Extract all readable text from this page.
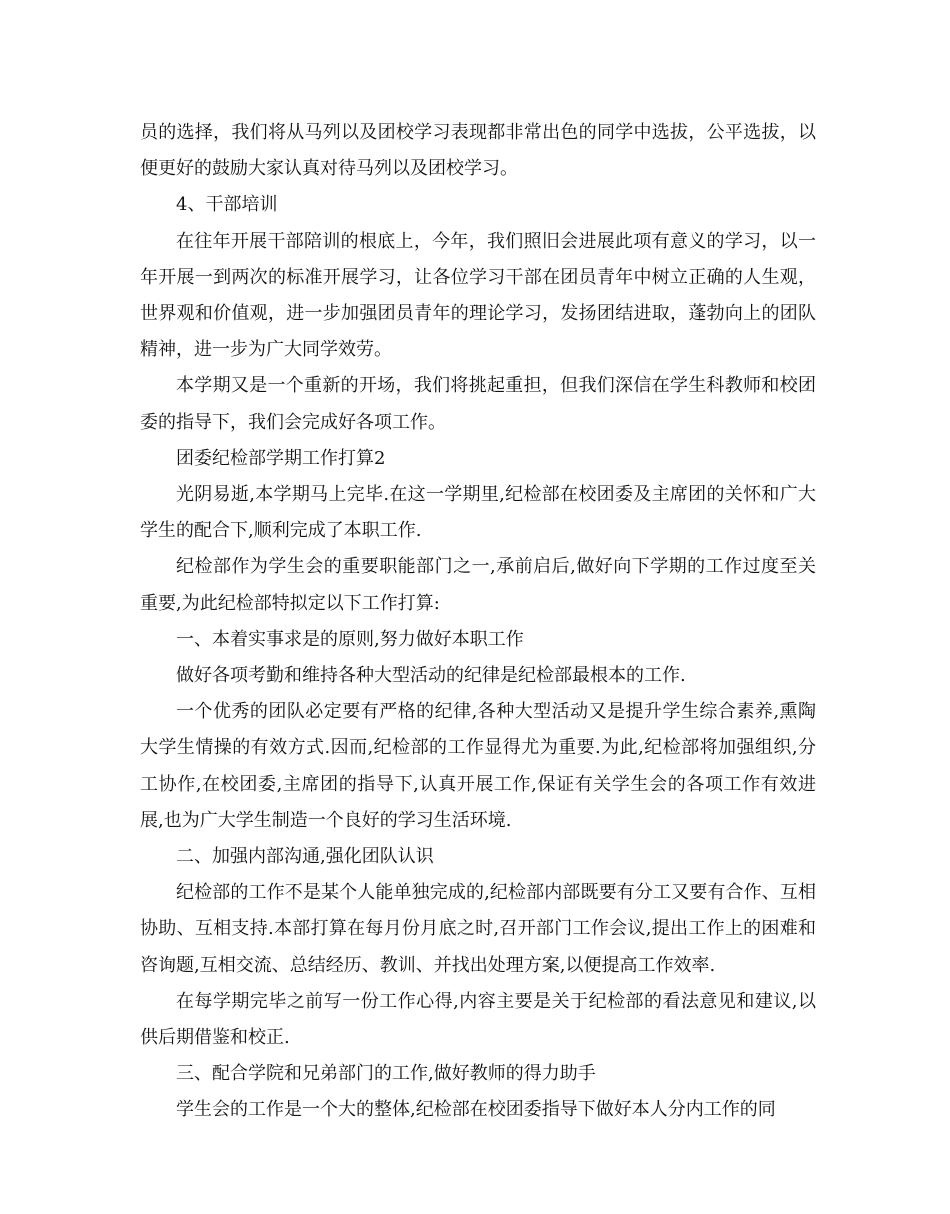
员的选择，我们将从马列以及团校学习表现都非常出色的同学中选拔，公平选拔，以便更好的鼓励大家认真对待马列以及团校学习。

4、干部培训

在往年开展干部陪训的根底上，今年，我们照旧会进展此项有意义的学习，以一年开展一到两次的标准开展学习，让各位学习干部在团员青年中树立正确的人生观，世界观和价值观，进一步加强团员青年的理论学习，发扬团结进取，蓬勃向上的团队精神，进一步为广大同学效劳。

本学期又是一个重新的开场，我们将挑起重担，但我们深信在学生科教师和校团委的指导下，我们会完成好各项工作。

团委纪检部学期工作打算2

光阴易逝,本学期马上完毕.在这一学期里,纪检部在校团委及主席团的关怀和广大学生的配合下,顺利完成了本职工作.

纪检部作为学生会的重要职能部门之一,承前启后,做好向下学期的工作过度至关重要,为此纪检部特拟定以下工作打算:

一、本着实事求是的原则,努力做好本职工作

做好各项考勤和维持各种大型活动的纪律是纪检部最根本的工作.

一个优秀的团队必定要有严格的纪律,各种大型活动又是提升学生综合素养,熏陶大学生情操的有效方式.因而,纪检部的工作显得尤为重要.为此,纪检部将加强组织,分工协作,在校团委,主席团的指导下,认真开展工作,保证有关学生会的各项工作有效进展,也为广大学生制造一个良好的学习生活环境.

二、加强内部沟通,强化团队认识

纪检部的工作不是某个人能单独完成的,纪检部内部既要有分工又要有合作、互相协助、互相支持.本部打算在每月份月底之时,召开部门工作会议,提出工作上的困难和咨询题,互相交流、总结经历、教训、并找出处理方案,以便提高工作效率.

在每学期完毕之前写一份工作心得,内容主要是关于纪检部的看法意见和建议,以供后期借鉴和校正.

三、配合学院和兄弟部门的工作,做好教师的得力助手

学生会的工作是一个大的整体,纪检部在校团委指导下做好本人分内工作的同
